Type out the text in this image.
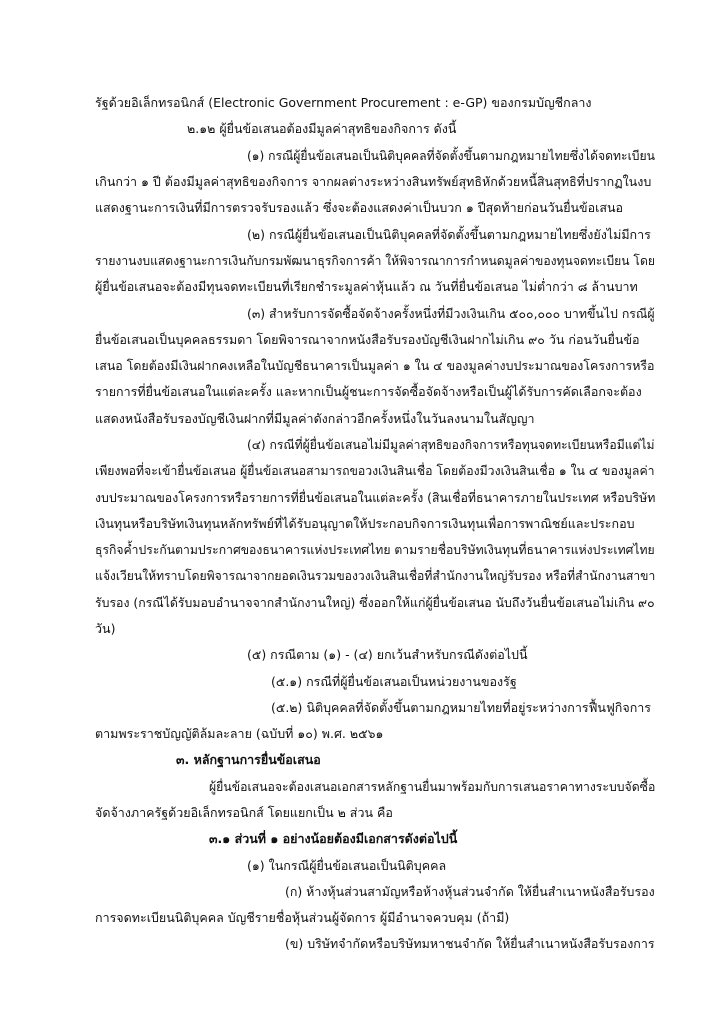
รัฐด้วยอิเล็กทรอนิกส์ (Electronic Government Procurement : e-GP) ของกรมบัญชีกลาง
๒.๑๒ ผู้ยื่นข้อเสนอต้องมีมูลค่าสุทธิของกิจการ ดังนี้
(๑) กรณีผู้ยื่นข้อเสนอเป็นนิติบุคคลที่จัดตั้งขึ้นตามกฎหมายไทยซึ่งได้จดทะเบียน
เกินกว่า ๑ ปี ต้องมีมูลค่าสุทธิของกิจการ จากผลต่างระหว่างสินทรัพย์สุทธิหักด้วยหนี้สินสุทธิที่ปรากฏในงบ
แสดงฐานะการเงินที่มีการตรวจรับรองแล้ว ซึ่งจะต้องแสดงค่าเป็นบวก ๑ ปีสุดท้ายก่อนวันยื่นข้อเสนอ
(๒) กรณีผู้ยื่นข้อเสนอเป็นนิติบุคคลที่จัดตั้งขึ้นตามกฎหมายไทยซึ่งยังไม่มีการ
รายงานงบแสดงฐานะการเงินกับกรมพัฒนาธุรกิจการค้า ให้พิจารณาการกำหนดมูลค่าของทุนจดทะเบียน โดย
ผู้ยื่นข้อเสนอจะต้องมีทุนจดทะเบียนที่เรียกชำระมูลค่าหุ้นแล้ว ณ วันที่ยื่นข้อเสนอ ไม่ต่ำกว่า ๘ ล้านบาท
(๓) สำหรับการจัดซื้อจัดจ้างครั้งหนึ่งที่มีวงเงินเกิน ๕๐๐,๐๐๐ บาทขึ้นไป กรณีผู้
ยื่นข้อเสนอเป็นบุคคลธรรมดา โดยพิจารณาจากหนังสือรับรองบัญชีเงินฝากไม่เกิน ๙๐ วัน ก่อนวันยื่นข้อ
เสนอ โดยต้องมีเงินฝากคงเหลือในบัญชีธนาคารเป็นมูลค่า ๑ ใน ๔ ของมูลค่างบประมาณของโครงการหรือ
รายการที่ยื่นข้อเสนอในแต่ละครั้ง และหากเป็นผู้ชนะการจัดซื้อจัดจ้างหรือเป็นผู้ได้รับการคัดเลือกจะต้อง
แสดงหนังสือรับรองบัญชีเงินฝากที่มีมูลค่าดังกล่าวอีกครั้งหนึ่งในวันลงนามในสัญญา
(๔) กรณีที่ผู้ยื่นข้อเสนอไม่มีมูลค่าสุทธิของกิจการหรือทุนจดทะเบียนหรือมีแต่ไม่
เพียงพอที่จะเข้ายื่นข้อเสนอ ผู้ยื่นข้อเสนอสามารถขอวงเงินสินเชื่อ โดยต้องมีวงเงินสินเชื่อ ๑ ใน ๔ ของมูลค่า
งบประมาณของโครงการหรือรายการที่ยื่นข้อเสนอในแต่ละครั้ง (สินเชื่อที่ธนาคารภายในประเทศ หรือบริษัท
เงินทุนหรือบริษัทเงินทุนหลักทรัพย์ที่ได้รับอนุญาตให้ประกอบกิจการเงินทุนเพื่อการพาณิชย์และประกอบ
ธุรกิจค้ำประกันตามประกาศของธนาคารแห่งประเทศไทย ตามรายชื่อบริษัทเงินทุนที่ธนาคารแห่งประเทศไทย
แจ้งเวียนให้ทราบโดยพิจารณาจากยอดเงินรวมของวงเงินสินเชื่อที่สำนักงานใหญ่รับรอง หรือที่สำนักงานสาขา
รับรอง (กรณีได้รับมอบอำนาจจากสำนักงานใหญ่) ซึ่งออกให้แก่ผู้ยื่นข้อเสนอ นับถึงวันยื่นข้อเสนอไม่เกิน ๙๐
วัน)
(๕) กรณีตาม (๑) - (๔) ยกเว้นสำหรับกรณีดังต่อไปนี้
(๕.๑) กรณีที่ผู้ยื่นข้อเสนอเป็นหน่วยงานของรัฐ
(๕.๒) นิติบุคคลที่จัดตั้งขึ้นตามกฎหมายไทยที่อยู่ระหว่างการฟื้นฟูกิจการ
ตามพระราชบัญญัติล้มละลาย (ฉบับที่ ๑๐) พ.ศ. ๒๕๖๑
๓. หลักฐานการยื่นข้อเสนอ
ผู้ยื่นข้อเสนอจะต้องเสนอเอกสารหลักฐานยื่นมาพร้อมกับการเสนอราคาทางระบบจัดซื้อ
จัดจ้างภาครัฐด้วยอิเล็กทรอนิกส์ โดยแยกเป็น ๒ ส่วน คือ
๓.๑ ส่วนที่ ๑ อย่างน้อยต้องมีเอกสารดังต่อไปนี้
(๑) ในกรณีผู้ยื่นข้อเสนอเป็นนิติบุคคล
(ก) ห้างหุ้นส่วนสามัญหรือห้างหุ้นส่วนจำกัด ให้ยื่นสำเนาหนังสือรับรอง
การจดทะเบียนนิติบุคคล บัญชีรายชื่อหุ้นส่วนผู้จัดการ ผู้มีอำนาจควบคุม (ถ้ามี)
(ข) บริษัทจำกัดหรือบริษัทมหาชนจำกัด ให้ยื่นสำเนาหนังสือรับรองการ
